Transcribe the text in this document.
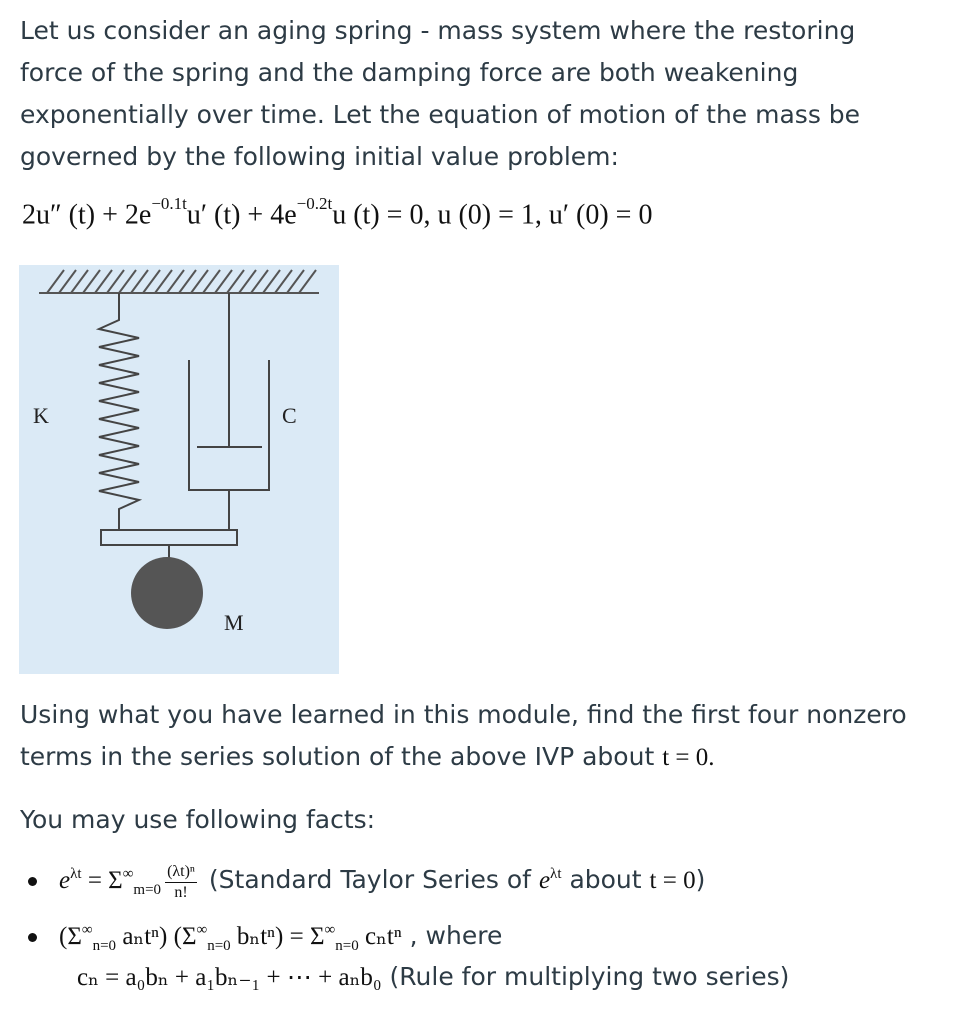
Let us consider an aging spring - mass system where the restoring force of the spring and the damping force are both weakening exponentially over time. Let the equation of motion of the mass be governed by the following initial value problem:
2u″ $(t) + 2e^{-0.1t}u'$ $(t) + 4e^{-0.2t}u$ (t) = 0, u (0) = 1, u′ (0) = 0
K	C
M
Using what you have learned in this module, find the first four nonzero terms in the series solution of the above IVP about t = 0.
You may use following facts:
$e^{\lambda t} = \Sigma^\infty_{m=0} \frac{\text{(λt)ⁿ}}{n!}$ (Standard Taylor Series of $e^{\lambda t}$ about t = 0)
($\Sigma^\infty_{n=0}$ aₙtⁿ) ($\Sigma^\infty_{n=0}$ $b_nt^n) = \Sigma^\infty_{n=0}$ cₙtⁿ , where
cₙ = a₀bₙ + a₁bₙ₋₁ + ⋯ + aₙb₀ (Rule for multiplying two series)
